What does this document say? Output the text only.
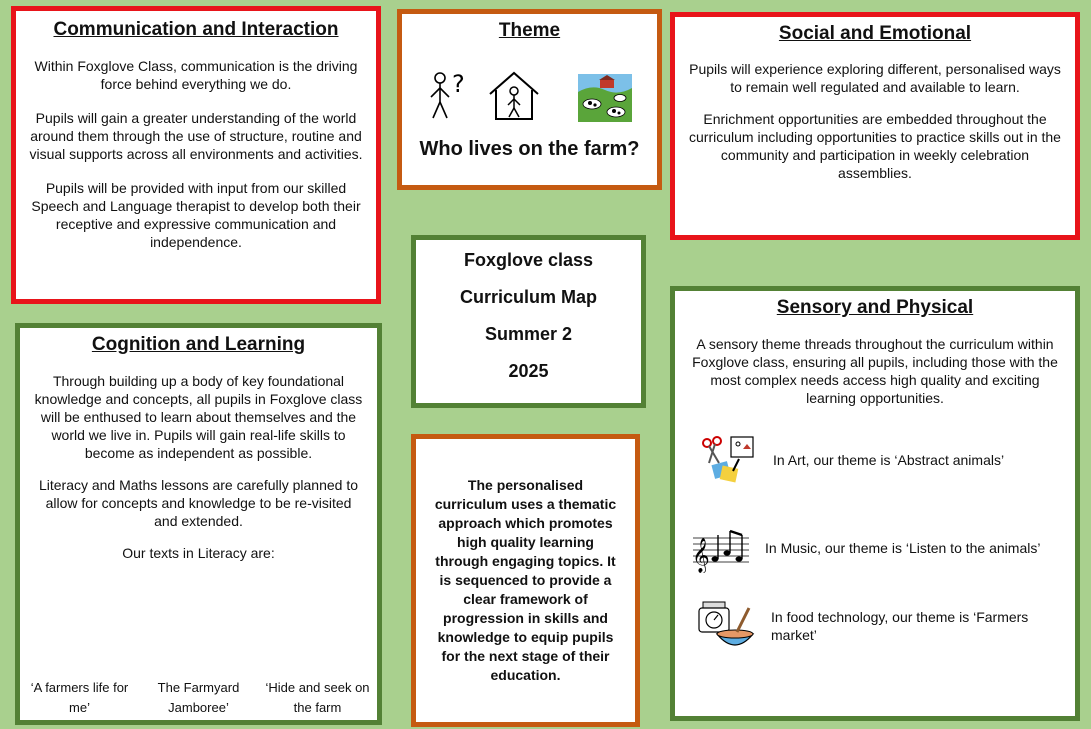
Communication and Interaction

Within Foxglove Class, communication is the driving force behind everything we do.

Pupils will gain a greater understanding of the world around them through the use of structure, routine and visual supports across all environments and activities.

Pupils will be provided with input from our skilled Speech and Language therapist to develop both their receptive and expressive communication and independence.

Theme

?

Who lives on the farm?

Social and Emotional

Pupils will experience exploring different, personalised ways to remain well regulated and available to learn.

Enrichment opportunities are embedded throughout the curriculum including opportunities to practice skills out in the community and participation in weekly celebration assemblies.

Foxglove class

Curriculum Map

Summer 2

2025

Cognition and Learning

Through building up a body of key foundational knowledge and concepts, all pupils in Foxglove class will be enthused to learn about themselves and the world we live in. Pupils will gain real-life skills to become as independent as possible.

Literacy and Maths lessons are carefully planned to allow for concepts and knowledge to be re-visited and extended.

Our texts in Literacy are:

‘A farmers life for me’
The Farmyard Jamboree’
‘Hide and seek on the farm

The personalised curriculum uses a thematic approach which promotes high quality learning through engaging topics. It is sequenced to provide a clear framework of progression in skills and knowledge to equip pupils for the next stage of their education.

Sensory and Physical

A sensory theme threads throughout the curriculum within Foxglove class, ensuring all pupils, including those with the most complex needs access high quality and exciting learning opportunities.

In Art, our theme is ‘Abstract animals’
𝄞	In Music, our theme is ‘Listen to the animals’
In food technology, our theme is ‘Farmers market’
